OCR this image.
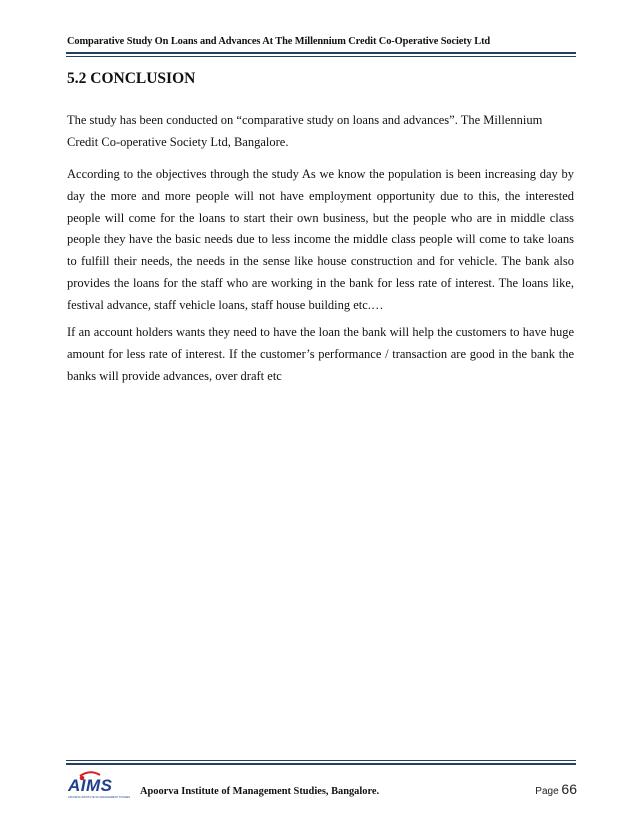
Comparative Study On Loans and Advances At The Millennium Credit Co-Operative Society Ltd
5.2 CONCLUSION

The study has been conducted on “comparative study on loans and advances”. The Millennium Credit Co-operative Society Ltd, Bangalore.

According to the objectives through the study As we know the population is been increasing day by day the more and more people will not have employment opportunity due to this, the interested people will come for the loans to start their own business, but the people who are in middle class people they have the basic needs due to less income the middle class people will come to take loans to fulfill their needs, the needs in the sense like house construction and for vehicle. The bank also provides the loans for the staff who are working in the bank for less rate of interest. The loans like, festival advance, staff vehicle loans, staff house building etc.…

If an account holders wants they need to have the loan the bank will help the customers to have huge amount for less rate of interest. If the customer’s performance / transaction are good in the bank the banks will provide advances, over draft etc

AIMS
APOORVA INSTITUTE OF MANAGEMENT STUDIES
Apoorva Institute of Management Studies, Bangalore.	Page 66
